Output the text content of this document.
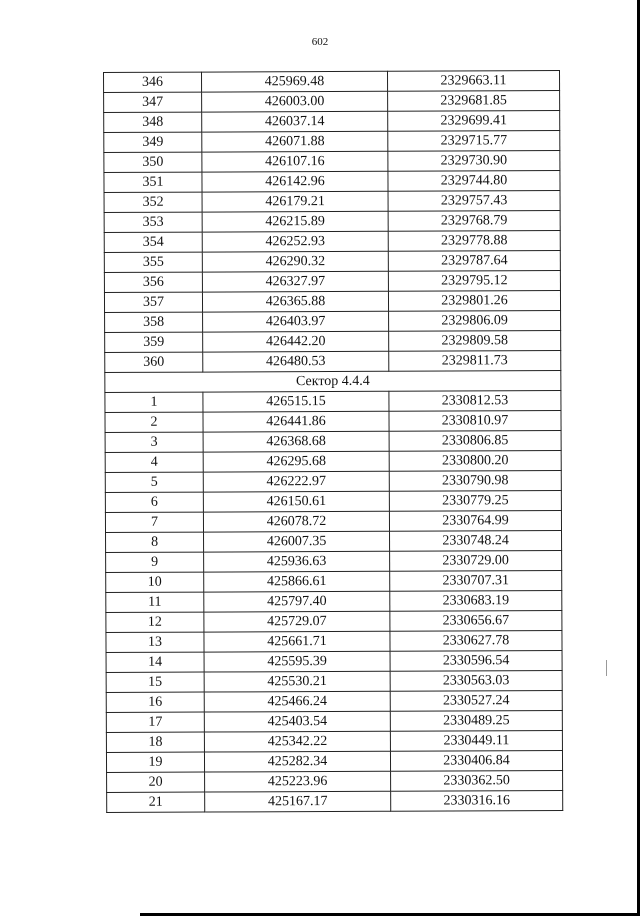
602
346	425969.48	2329663.11
347	426003.00	2329681.85
348	426037.14	2329699.41
349	426071.88	2329715.77
350	426107.16	2329730.90
351	426142.96	2329744.80
352	426179.21	2329757.43
353	426215.89	2329768.79
354	426252.93	2329778.88
355	426290.32	2329787.64
356	426327.97	2329795.12
357	426365.88	2329801.26
358	426403.97	2329806.09
359	426442.20	2329809.58
360	426480.53	2329811.73
Сектор 4.4.4		
1	426515.15	2330812.53
2	426441.86	2330810.97
3	426368.68	2330806.85
4	426295.68	2330800.20
5	426222.97	2330790.98
6	426150.61	2330779.25
7	426078.72	2330764.99
8	426007.35	2330748.24
9	425936.63	2330729.00
10	425866.61	2330707.31
11	425797.40	2330683.19
12	425729.07	2330656.67
13	425661.71	2330627.78
14	425595.39	2330596.54
15	425530.21	2330563.03
16	425466.24	2330527.24
17	425403.54	2330489.25
18	425342.22	2330449.11
19	425282.34	2330406.84
20	425223.96	2330362.50
21	425167.17	2330316.16
